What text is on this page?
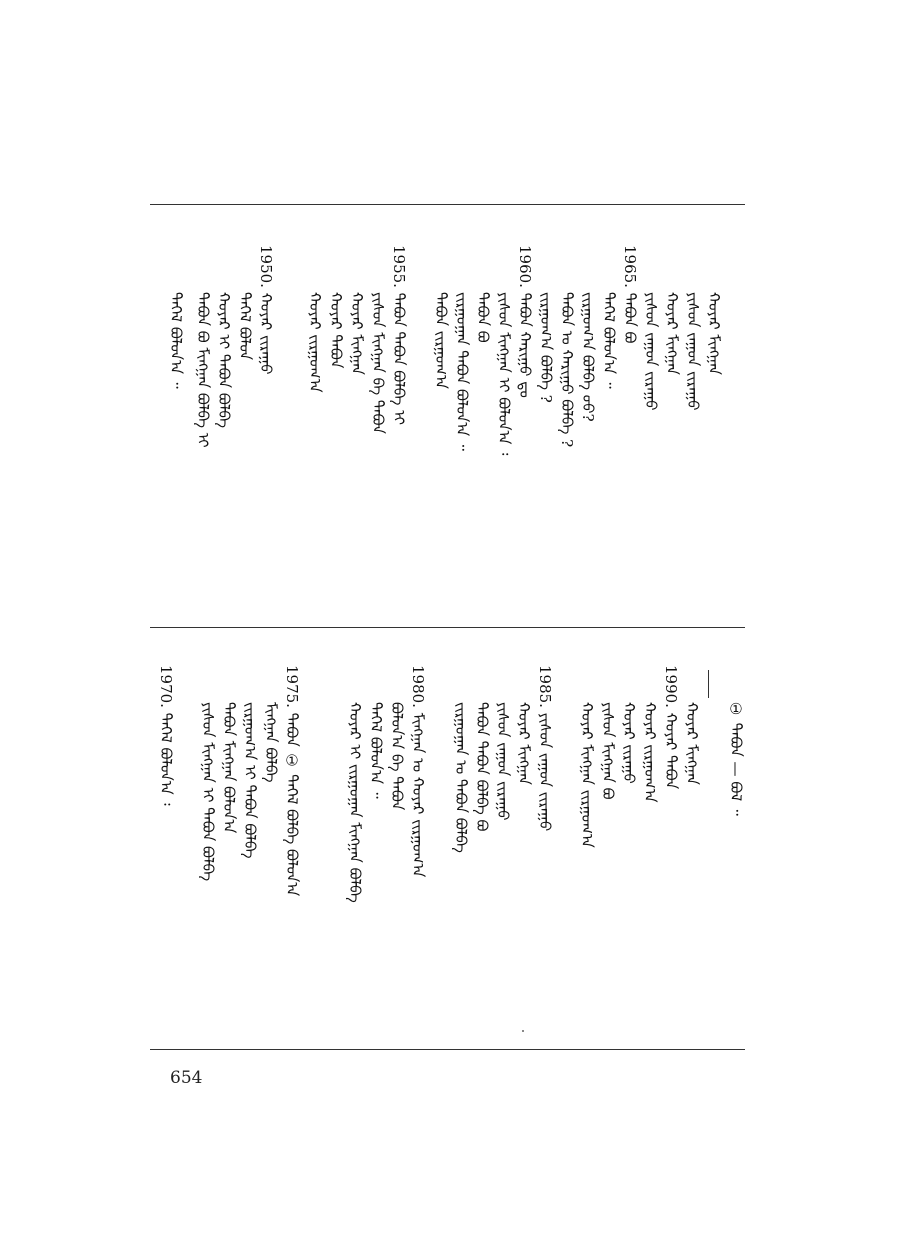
ᠬᠣᠶᠠᠷ ᠮᠢᠩᠭ᠋ᠠᠨ
ᠶᠢᠰᠦᠨ ᠵᠠᠭᠤᠨ ᠵᠢᠷᠠᠭᠤ
ᠬᠣᠶᠠᠷ ᠮᠢᠩᠭ᠋ᠠᠨ
ᠶᠢᠰᠦᠨ ᠵᠠᠭᠤᠨ ᠵᠢᠷᠠᠭᠤ
1965. ᠳᠠᠪᠤᠨ ᠪᠣ
ᠲᠡᠭᠡᠯ ᠪᠣᠯᠤᠨ᠎ᠠ ᠃
ᠵᠢᠷᠭᠤᠭ᠎ᠠ ᠪᠣᠯᠪᠠ ᠤᠤ?
ᠲᠠᠪᠤᠨ ᠤ ᠬᠠᠷᠢᠭᠤ ᠪᠣᠯᠪᠠ ?
ᠵᠢᠷᠭᠤᠭ᠎ᠠ ᠪᠣᠯᠪᠠ ?
1960. ᠲᠠᠪᠤᠨ ᠬᠠᠷᠢᠭᠤ ᠳᠤ
ᠶᠢᠰᠦᠨ ᠮᠢᠩᠭ᠋ᠠᠨ ᠢ ᠪᠣᠯᠤᠨ᠎ᠠ ᠄
ᠳᠠᠪᠤᠨ ᠪᠣ
ᠵᠢᠷᠭᠤᠭᠠᠨ ᠲᠠᠪᠤᠨ ᠪᠣᠯᠤᠨ᠎ᠠ ᠃
ᠳᠠᠪᠤᠨ ᠵᠢᠷᠭᠤᠭ᠎ᠠ
1955. ᠲᠠᠪᠤᠨ ᠲᠠᠪᠤᠨ ᠪᠣᠯᠪᠠ ᠢ
ᠶᠢᠰᠦᠨ ᠮᠢᠩᠭ᠋ᠠᠨ ᠪᠠ ᠲᠠᠪᠤᠨ
ᠬᠣᠶᠠᠷ ᠮᠢᠩᠭ᠋ᠠᠨ
ᠬᠣᠶᠠᠷ ᠲᠠᠪᠤᠨ
ᠬᠣᠶᠠᠷ ᠵᠢᠷᠭᠤᠭ᠎ᠠ
1950. ᠬᠣᠶᠠᠷ ᠵᠢᠷᠠᠭᠤ
ᠲᠡᠭᠡᠯ ᠪᠣᠯᠤᠨ
ᠬᠣᠶᠠᠷ ᠢ ᠲᠠᠪᠤᠨ ᠪᠣᠯᠪᠠ
ᠳᠠᠪᠤᠨ ᠪᠣ ᠮᠢᠩᠭ᠋ᠠᠨ ᠪᠣᠯᠪᠠ ᠢ
ᠲᠡᠭᠡᠯ ᠪᠣᠯᠤᠨ᠎ᠠ ᠃
① ᠲᠠᠪᠤᠨ — ᠪᠣᠯ ᠃
ᠬᠣᠶᠠᠷ ᠮᠢᠩᠭ᠋ᠠᠨ
1990. ᠬᠣᠶᠠᠷ ᠲᠠᠪᠤᠨ
ᠬᠣᠶᠠᠷ ᠵᠢᠷᠭᠤᠭ᠎ᠠ
ᠬᠣᠶᠠᠷ ᠵᠢᠷᠠᠭᠤ
ᠶᠢᠰᠦᠨ ᠮᠢᠩᠭ᠋ᠠᠨ ᠪᠣ
ᠬᠣᠶᠠᠷ ᠮᠢᠩᠭ᠋ᠠᠨ ᠵᠢᠷᠭᠤᠭ᠎ᠠ
1985. ᠶᠢᠰᠦᠨ ᠵᠠᠭᠤᠨ ᠵᠢᠷᠠᠭᠤ
ᠬᠣᠶᠠᠷ ᠮᠢᠩᠭ᠋ᠠᠨ
ᠶᠢᠰᠦᠨ ᠵᠠᠭᠤᠨ ᠵᠢᠷᠠᠭᠤ
ᠲᠠᠪᠤᠨ ᠲᠠᠪᠤᠨ ᠪᠣᠯᠪᠠ ᠪᠣ
ᠵᠢᠷᠭᠤᠭᠠᠨ ᠤ ᠲᠠᠪᠤᠨ ᠪᠣᠯᠪᠠ
1980. ᠮᠢᠩᠭ᠋ᠠᠨ ᠤ ᠬᠣᠶᠠᠷ ᠵᠢᠷᠭᠤᠭ᠎ᠠ
ᠪᠣᠯᠤᠨ᠎ᠠ ᠪᠠ ᠲᠠᠪᠤᠨ
ᠲᠡᠭᠡᠯ ᠪᠣᠯᠤᠨ᠎ᠠ ᠃
ᠬᠣᠶᠠᠷ ᠢ ᠵᠢᠷᠭᠤᠭᠠᠨ ᠮᠢᠩᠭ᠋ᠠᠨ ᠪᠣᠯᠪᠠ
1975. ᠲᠠᠪᠤᠨ ① ᠲᠡᠭᠡᠯ ᠪᠣᠯᠪᠠ ᠪᠣᠯᠤᠨ᠎ᠠ
ᠮᠢᠩᠭ᠋ᠠᠨ ᠪᠣᠯᠪᠠ
ᠵᠢᠷᠭᠤᠭ᠎ᠠ ᠢ ᠲᠠᠪᠤᠨ ᠪᠣᠯᠪᠠ
ᠲᠠᠪᠤᠨ ᠮᠢᠩᠭ᠋ᠠᠨ ᠪᠣᠯᠤᠨ᠎ᠠ
ᠶᠢᠰᠦᠨ ᠮᠢᠩᠭ᠋ᠠᠨ ᠢ ᠲᠠᠪᠤᠨ ᠪᠣᠯᠪᠠ
1970. ᠲᠡᠭᠡᠯ ᠪᠣᠯᠤᠨ᠎ᠠ ᠄
654
